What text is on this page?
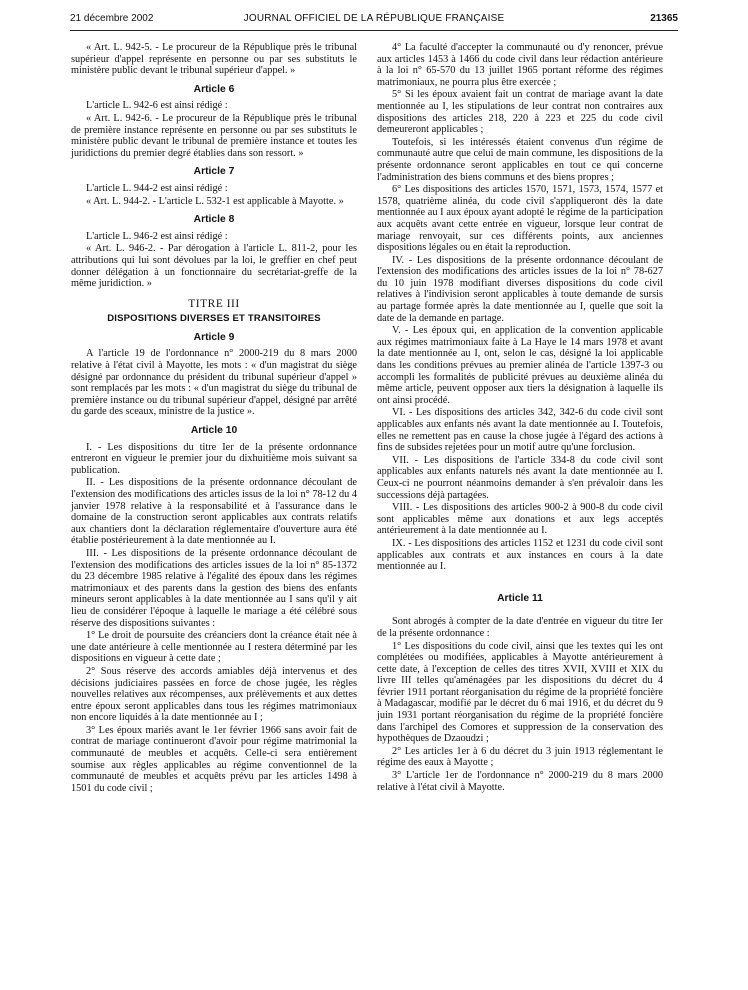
21 décembre 2002	JOURNAL OFFICIEL DE LA RÉPUBLIQUE FRANÇAISE	21365

« Art. L. 942-5. - Le procureur de la République près le tribunal supérieur d'appel représente en personne ou par ses substituts le ministère public devant le tribunal supérieur d'appel. »

Article 6

L'article L. 942-6 est ainsi rédigé :

« Art. L. 942-6. - Le procureur de la République près le tribunal de première instance représente en personne ou par ses substituts le ministère public devant le tribunal de première instance et toutes les juridictions du premier degré établies dans son ressort. »

Article 7

L'article L. 944-2 est ainsi rédigé :

« Art. L. 944-2. - L'article L. 532-1 est applicable à Mayotte. »

Article 8

L'article L. 946-2 est ainsi rédigé :

« Art. L. 946-2. - Par dérogation à l'article L. 811-2, pour les attributions qui lui sont dévolues par la loi, le greffier en chef peut donner délégation à un fonctionnaire du secrétariat-greffe de la même juridiction. »

TITRE III
DISPOSITIONS DIVERSES ET TRANSITOIRES
Article 9

A l'article 19 de l'ordonnance n° 2000-219 du 8 mars 2000 relative à l'état civil à Mayotte, les mots : « d'un magistrat du siège désigné par ordonnance du président du tribunal supérieur d'appel » sont remplacés par les mots : « d'un magistrat du siège du tribunal de première instance ou du tribunal supérieur d'appel, désigné par arrêté du garde des sceaux, ministre de la justice ».

Article 10

I. - Les dispositions du titre Ier de la présente ordonnance entreront en vigueur le premier jour du dixhuitième mois suivant sa publication.

II. - Les dispositions de la présente ordonnance découlant de l'extension des modifications des articles issus de la loi n° 78-12 du 4 janvier 1978 relative à la responsabilité et à l'assurance dans le domaine de la construction seront applicables aux contrats relatifs aux chantiers dont la déclaration réglementaire d'ouverture aura été établie postérieurement à la date mentionnée au I.

III. - Les dispositions de la présente ordonnance découlant de l'extension des modifications des articles issues de la loi n° 85-1372 du 23 décembre 1985 relative à l'égalité des époux dans les régimes matrimoniaux et des parents dans la gestion des biens des enfants mineurs seront applicables à la date mentionnée au I sans qu'il y ait lieu de considérer l'époque à laquelle le mariage a été célébré sous réserve des dispositions suivantes :

1° Le droit de poursuite des créanciers dont la créance était née à une date antérieure à celle mentionnée au I restera déterminé par les dispositions en vigueur à cette date ;

2° Sous réserve des accords amiables déjà intervenus et des décisions judiciaires passées en force de chose jugée, les règles nouvelles relatives aux récompenses, aux prélèvements et aux dettes entre époux seront applicables dans tous les régimes matrimoniaux non encore liquidés à la date mentionnée au I ;

3° Les époux mariés avant le 1er février 1966 sans avoir fait de contrat de mariage continueront d'avoir pour régime matrimonial la communauté de meubles et acquêts. Celle-ci sera entièrement soumise aux règles applicables au régime conventionnel de la communauté de meubles et acquêts prévu par les articles 1498 à 1501 du code civil ;

4° La faculté d'accepter la communauté ou d'y renoncer, prévue aux articles 1453 à 1466 du code civil dans leur rédaction antérieure à la loi n° 65-570 du 13 juillet 1965 portant réforme des régimes matrimoniaux, ne pourra plus être exercée ;

5° Si les époux avaient fait un contrat de mariage avant la date mentionnée au I, les stipulations de leur contrat non contraires aux dispositions des articles 218, 220 à 223 et 225 du code civil demeureront applicables ;

Toutefois, si les intéressés étaient convenus d'un régime de communauté autre que celui de main commune, les dispositions de la présente ordonnance seront applicables en tout ce qui concerne l'administration des biens communs et des biens propres ;

6° Les dispositions des articles 1570, 1571, 1573, 1574, 1577 et 1578, quatrième alinéa, du code civil s'appliqueront dès la date mentionnée au I aux époux ayant adopté le régime de la participation aux acquêts avant cette entrée en vigueur, lorsque leur contrat de mariage renvoyait, sur ces différents points, aux anciennes dispositions légales ou en était la reproduction.

IV. - Les dispositions de la présente ordonnance découlant de l'extension des modifications des articles issues de la loi n° 78-627 du 10 juin 1978 modifiant diverses dispositions du code civil relatives à l'indivision seront applicables à toute demande de sursis au partage formée après la date mentionnée au I, quelle que soit la date de la demande en partage.

V. - Les époux qui, en application de la convention applicable aux régimes matrimoniaux faite à La Haye le 14 mars 1978 et avant la date mentionnée au I, ont, selon le cas, désigné la loi applicable dans les conditions prévues au premier alinéa de l'article 1397-3 ou accompli les formalités de publicité prévues au deuxième alinéa du même article, peuvent opposer aux tiers la désignation à laquelle ils ont ainsi procédé.

VI. - Les dispositions des articles 342, 342-6 du code civil sont applicables aux enfants nés avant la date mentionnée au I. Toutefois, elles ne remettent pas en cause la chose jugée à l'égard des actions à fins de subsides rejetées pour un motif autre qu'une forclusion.

VII. - Les dispositions de l'article 334-8 du code civil sont applicables aux enfants naturels nés avant la date mentionnée au I. Ceux-ci ne pourront néanmoins demander à s'en prévaloir dans les successions déjà partagées.

VIII. - Les dispositions des articles 900-2 à 900-8 du code civil sont applicables même aux donations et aux legs acceptés antérieurement à la date mentionnée au I.

IX. - Les dispositions des articles 1152 et 1231 du code civil sont applicables aux contrats et aux instances en cours à la date mentionnée au I.

Article 11

Sont abrogés à compter de la date d'entrée en vigueur du titre Ier de la présente ordonnance :

1° Les dispositions du code civil, ainsi que les textes qui les ont complétées ou modifiées, applicables à Mayotte antérieurement à cette date, à l'exception de celles des titres XVII, XVIII et XIX du livre III telles qu'aménagées par les dispositions du décret du 4 février 1911 portant réorganisation du régime de la propriété foncière à Madagascar, modifié par le décret du 6 mai 1916, et du décret du 9 juin 1931 portant réorganisation du régime de la propriété foncière dans l'archipel des Comores et suppression de la conservation des hypothèques de Dzaoudzi ;

2° Les articles 1er à 6 du décret du 3 juin 1913 réglementant le régime des eaux à Mayotte ;

3° L'article 1er de l'ordonnance n° 2000-219 du 8 mars 2000 relative à l'état civil à Mayotte.
